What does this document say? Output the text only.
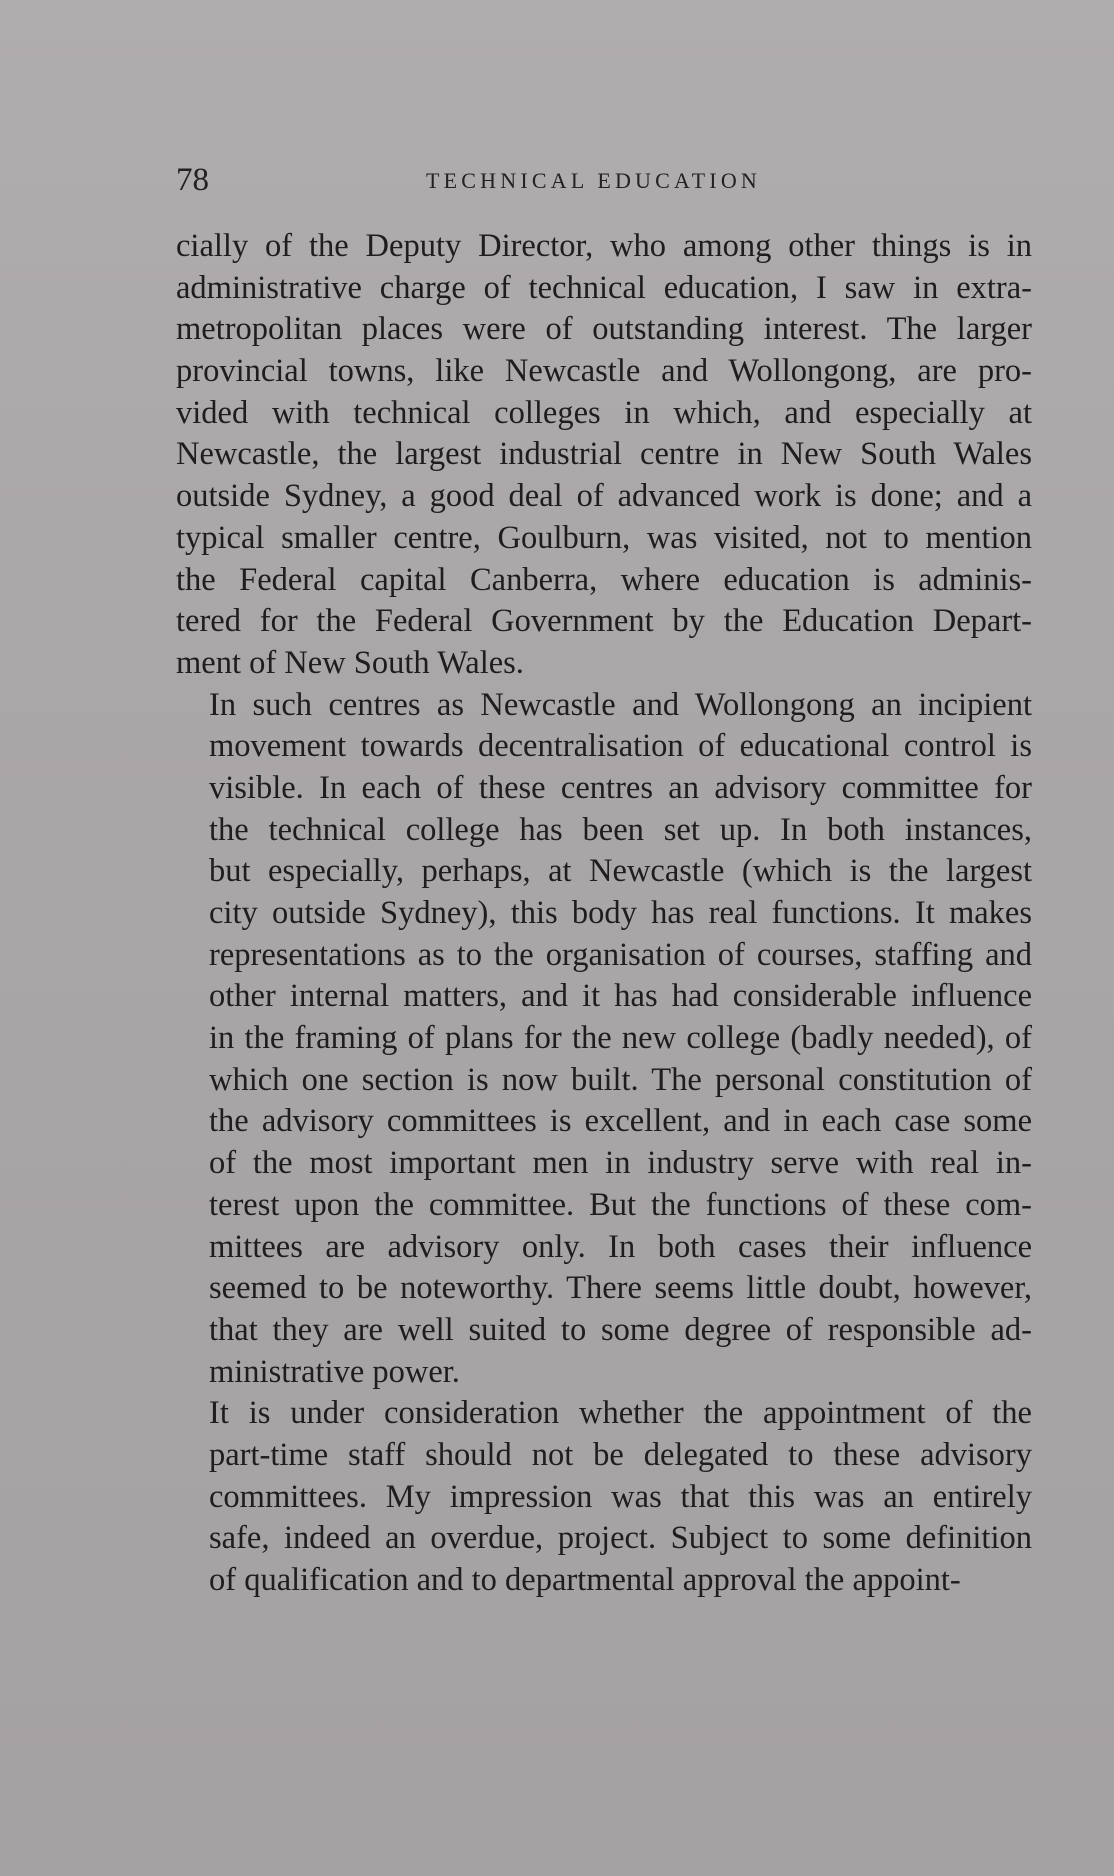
78	TECHNICAL EDUCATION

cially of the Deputy Director, who among other things is in
administrative charge of technical education, I saw in extra-
metropolitan places were of outstanding interest. The larger
provincial towns, like Newcastle and Wollongong, are pro-
vided with technical colleges in which, and especially at
Newcastle, the largest industrial centre in New South Wales
outside Sydney, a good deal of advanced work is done; and a
typical smaller centre, Goulburn, was visited, not to mention
the Federal capital Canberra, where education is adminis-
tered for the Federal Government by the Education Depart-
ment of New South Wales.

In such centres as Newcastle and Wollongong an incipient
movement towards decentralisation of educational control is
visible. In each of these centres an advisory committee for
the technical college has been set up. In both instances,
but especially, perhaps, at Newcastle (which is the largest
city outside Sydney), this body has real functions. It makes
representations as to the organisation of courses, staffing and
other internal matters, and it has had considerable influence
in the framing of plans for the new college (badly needed), of
which one section is now built. The personal constitution of
the advisory committees is excellent, and in each case some
of the most important men in industry serve with real in-
terest upon the committee. But the functions of these com-
mittees are advisory only. In both cases their influence
seemed to be noteworthy. There seems little doubt, however,
that they are well suited to some degree of responsible ad-
ministrative power.

It is under consideration whether the appointment of the
part-time staff should not be delegated to these advisory
committees. My impression was that this was an entirely
safe, indeed an overdue, project. Subject to some definition
of qualification and to departmental approval the appoint-
